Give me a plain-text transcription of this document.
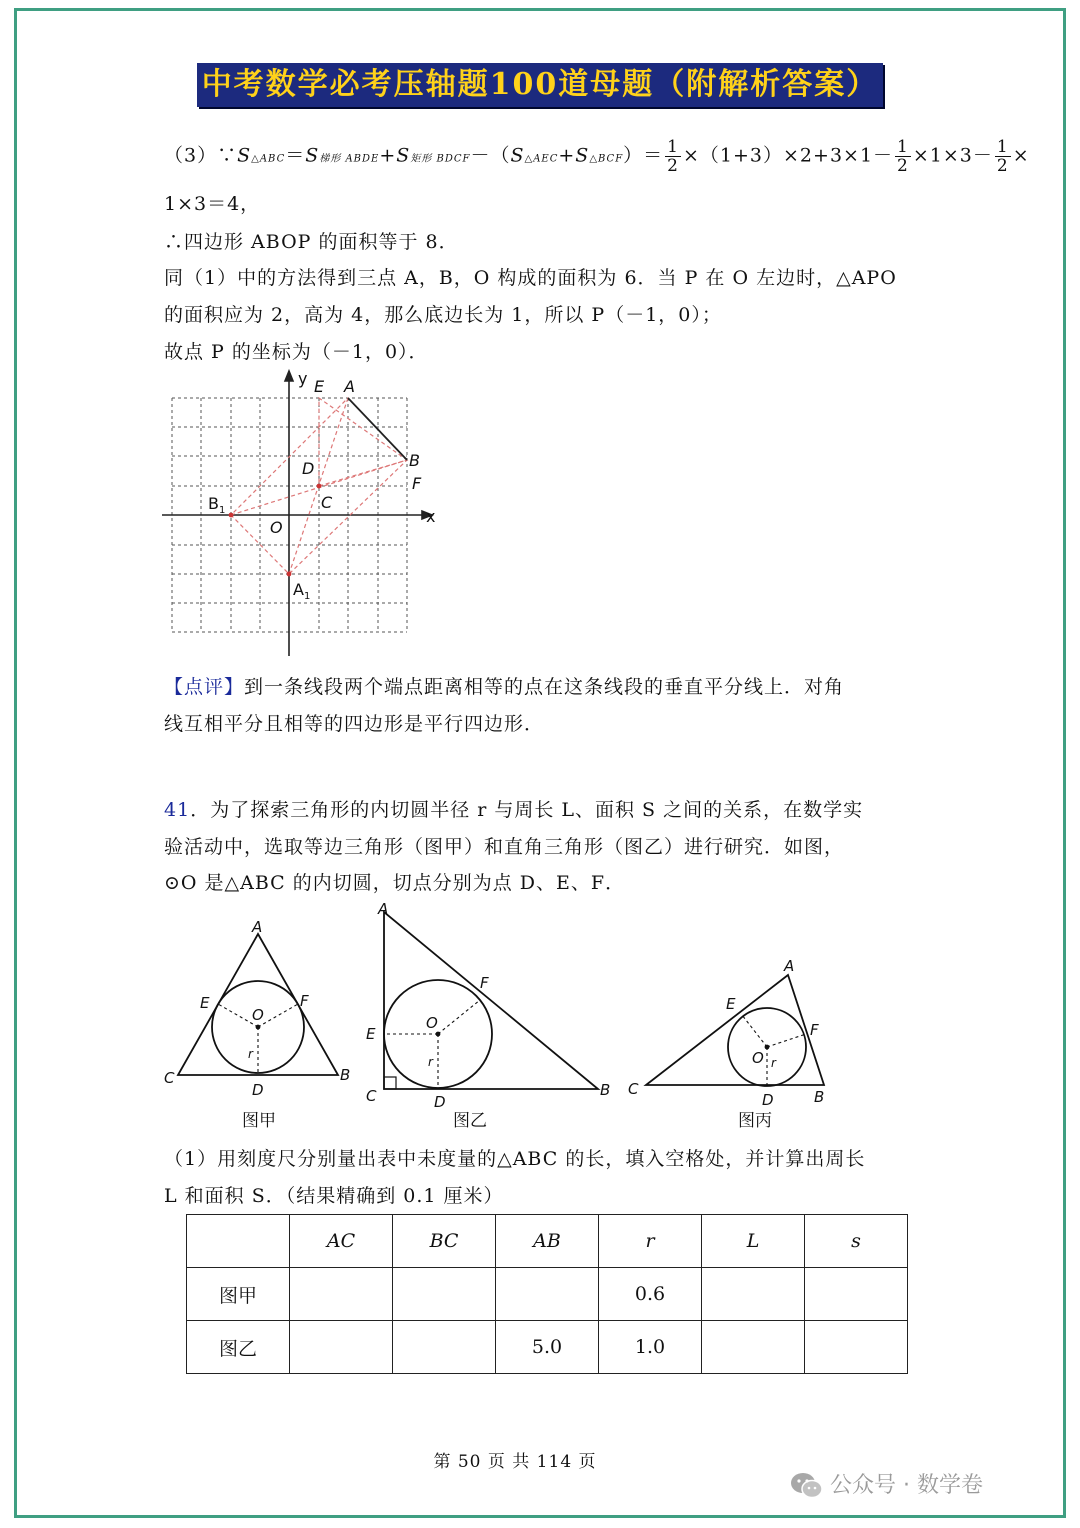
中考数学必考压轴题100道母题（附解析答案）
（3）∵S△ABC＝S梯形 ABDE+S矩形 BDCF－（S△AEC+S△BCF）＝ $\frac{1}{2} \times(1+3)\times 2+3\times 1- \frac{1}{2} \times 1\times 3- \frac{1}{2}$ ×
1×3＝4，
∴四边形 ABOP 的面积等于 8．
同（1）中的方法得到三点 A，B，O 构成的面积为 6．当 P 在 O 左边时，△APO
的面积应为 2，高为 4，那么底边长为 1，所以 P（－1，0）；
故点 P 的坐标为（－1，0）．
y
x
E A
B
F
D
C
O
$B_1$
$A_1$
【点评】到一条线段两个端点距离相等的点在这条线段的垂直平分线上．对角
线互相平分且相等的四边形是平行四边形．
41．为了探索三角形的内切圆半径 r 与周长 L、面积 S 之间的关系，在数学实
验活动中，选取等边三角形（图甲）和直角三角形（图乙）进行研究．如图，
⊙O 是△ABC 的内切圆，切点分别为点 D、E、F．
A
C	B
D
E	F
O
r
A
C	B
D
E
F
O
r
A
C	B
D
E
F
O r
图甲	图乙	图丙
（1）用刻度尺分别量出表中未度量的△ABC 的长，填入空格处，并计算出周长
L 和面积 S．（结果精确到 0.1 厘米）
	AC	BC	AB	r	L	s
图甲				0.6		
图乙			5.0	1.0		
第 50 页 共 114 页
公众号 · 数学卷
